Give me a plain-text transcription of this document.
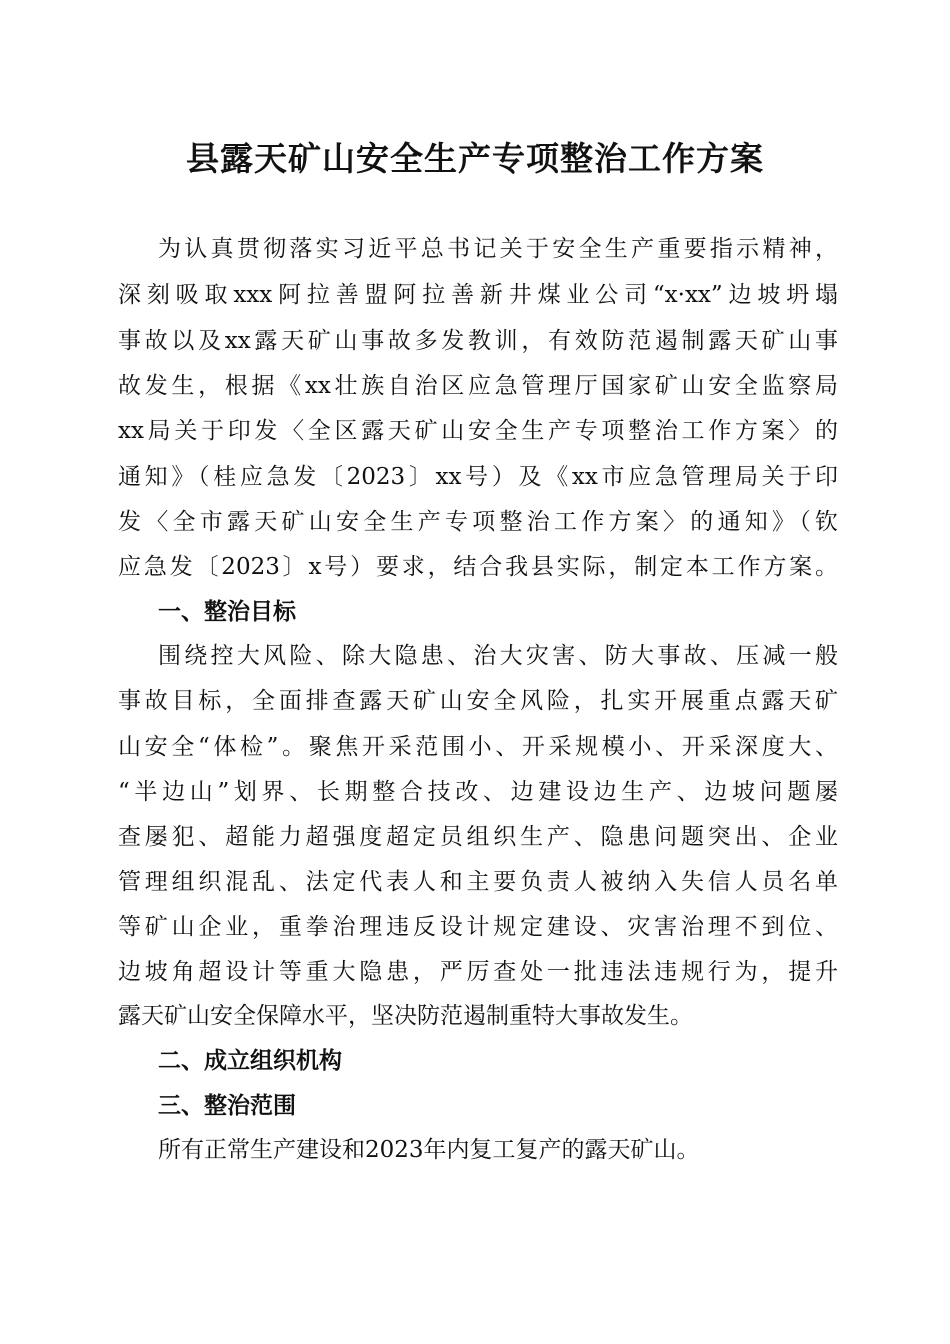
县露天矿山安全生产专项整治工作方案

为认真贯彻落实习近平总书记关于安全生产重要指示精神，

深刻吸取xxx阿拉善盟阿拉善新井煤业公司“x·xx”边坡坍塌

事故以及xx露天矿山事故多发教训，有效防范遏制露天矿山事

故发生，根据《xx壮族自治区应急管理厅国家矿山安全监察局

xx局关于印发〈全区露天矿山安全生产专项整治工作方案〉的

通知》（桂应急发〔2023〕xx号）及《xx市应急管理局关于印

发〈全市露天矿山安全生产专项整治工作方案〉的通知》（钦

应急发〔2023〕x号）要求，结合我县实际，制定本工作方案。

一、整治目标

围绕控大风险、除大隐患、治大灾害、防大事故、压减一般

事故目标，全面排查露天矿山安全风险，扎实开展重点露天矿

山安全“体检”。聚焦开采范围小、开采规模小、开采深度大、

“半边山”划界、长期整合技改、边建设边生产、边坡问题屡

查屡犯、超能力超强度超定员组织生产、隐患问题突出、企业

管理组织混乱、法定代表人和主要负责人被纳入失信人员名单

等矿山企业，重拳治理违反设计规定建设、灾害治理不到位、

边坡角超设计等重大隐患，严厉查处一批违法违规行为，提升

露天矿山安全保障水平，坚决防范遏制重特大事故发生。

二、成立组织机构
三、整治范围

所有正常生产建设和2023年内复工复产的露天矿山。
